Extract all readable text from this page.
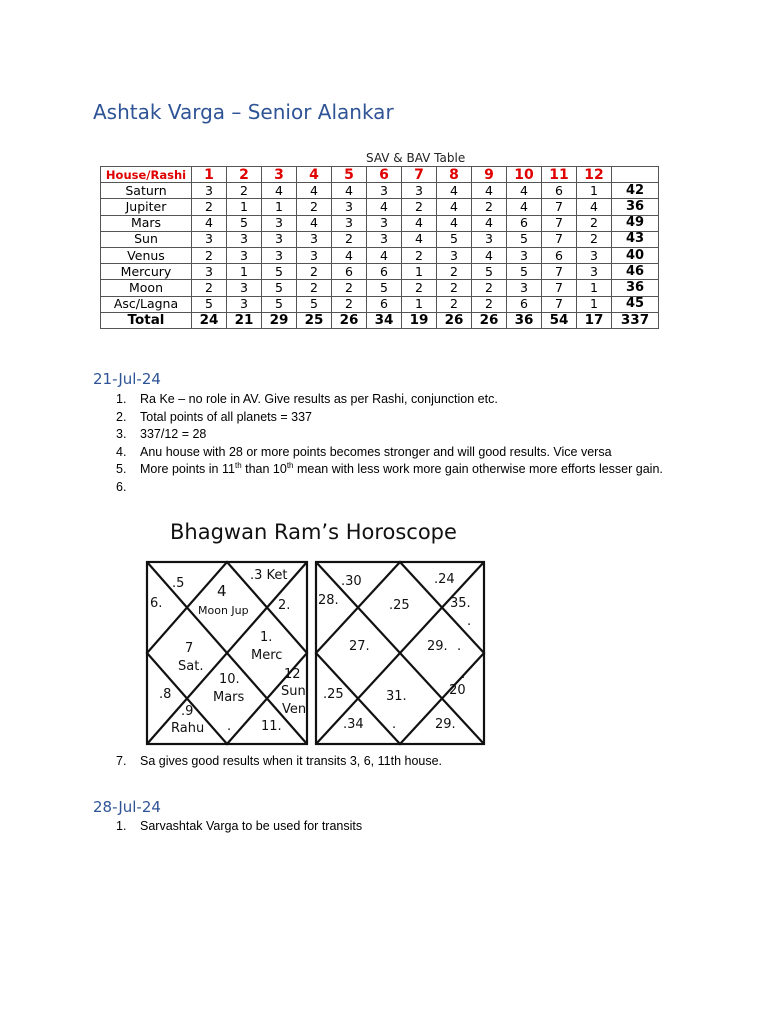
Ashtak Varga – Senior Alankar
SAV & BAV Table
House/Rashi	1	2	3	4	5	6	7	8	9	10	11	12	
Saturn	3	2	4	4	4	3	3	4	4	4	6	1	42
Jupiter	2	1	1	2	3	4	2	4	2	4	7	4	36
Mars	4	5	3	4	3	3	4	4	4	6	7	2	49
Sun	3	3	3	3	2	3	4	5	3	5	7	2	43
Venus	2	3	3	3	4	4	2	3	4	3	6	3	40
Mercury	3	1	5	2	6	6	1	2	5	5	7	3	46
Moon	2	3	5	2	2	5	2	2	2	3	7	1	36
Asc/Lagna	5	3	5	5	2	6	1	2	2	6	7	1	45
Total	24	21	29	25	26	34	19	26	26	36	54	17	337
21-Jul-24
1. Ra Ke – no role in AV. Give results as per Rashi, conjunction etc.
2. Total points of all planets = 337
3. 337/12 = 28
4. Anu house with 28 or more points becomes stronger and will good results. Vice versa
5. More points in 11th than 10th mean with less work more gain otherwise more efforts lesser gain.
6.

Bhagwan Ram’s Horoscope
.5 4
Moon Jup
.3 Ket
6.	2.
7
Sat.
1.
Merc
10.
Mars
12
Sun
Ven
.8
.9
Rahu . 11.
.30
.
.24
28.	.25	35.
.
27.	29. .
.25	31.	.20
.
.34 .	29.
7. Sa gives good results when it transits 3, 6, 11th house.
28-Jul-24
1. Sarvashtak Varga to be used for transits
